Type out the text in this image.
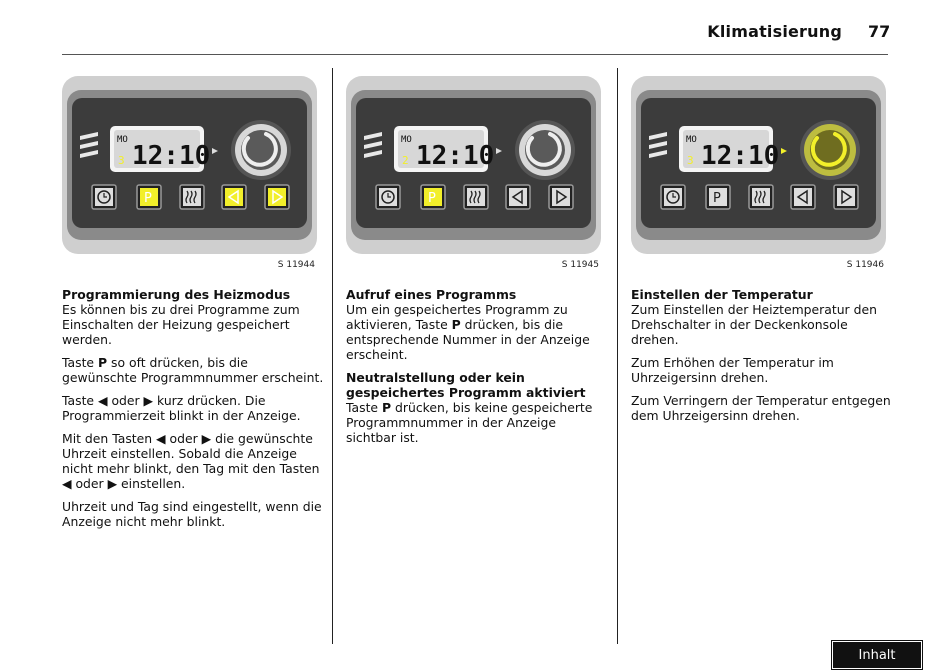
Klimatisierung 77
MO
3 12:10
P
S 11944

Programmierung des Heizmodus
Es können bis zu drei Programme zum Einschalten der Heizung gespeichert werden.

Taste P so oft drücken, bis die gewünschte Programmnummer erscheint.

Taste ◀ oder ▶ kurz drücken. Die Programmierzeit blinkt in der Anzeige.

Mit den Tasten ◀ oder ▶ die gewünschte Uhrzeit einstellen. Sobald die Anzeige nicht mehr blinkt, den Tag mit den Tasten ◀ oder ▶ einstellen.

Uhrzeit und Tag sind eingestellt, wenn die Anzeige nicht mehr blinkt.

MO
2 12:10
P
S 11945

Aufruf eines Programms
Um ein gespeichertes Programm zu aktivieren, Taste P drücken, bis die entsprechende Nummer in der Anzeige erscheint.

Neutralstellung oder kein gespeichertes Programm aktiviert
Taste P drücken, bis keine gespeicherte Programmnummer in der Anzeige sichtbar ist.

MO
3 12:10
P
S 11946

Einstellen der Temperatur
Zum Einstellen der Heiztemperatur den Drehschalter in der Deckenkonsole drehen.

Zum Erhöhen der Temperatur im Uhrzeigersinn drehen.

Zum Verringern der Temperatur entgegen dem Uhrzeigersinn drehen.

Inhalt
